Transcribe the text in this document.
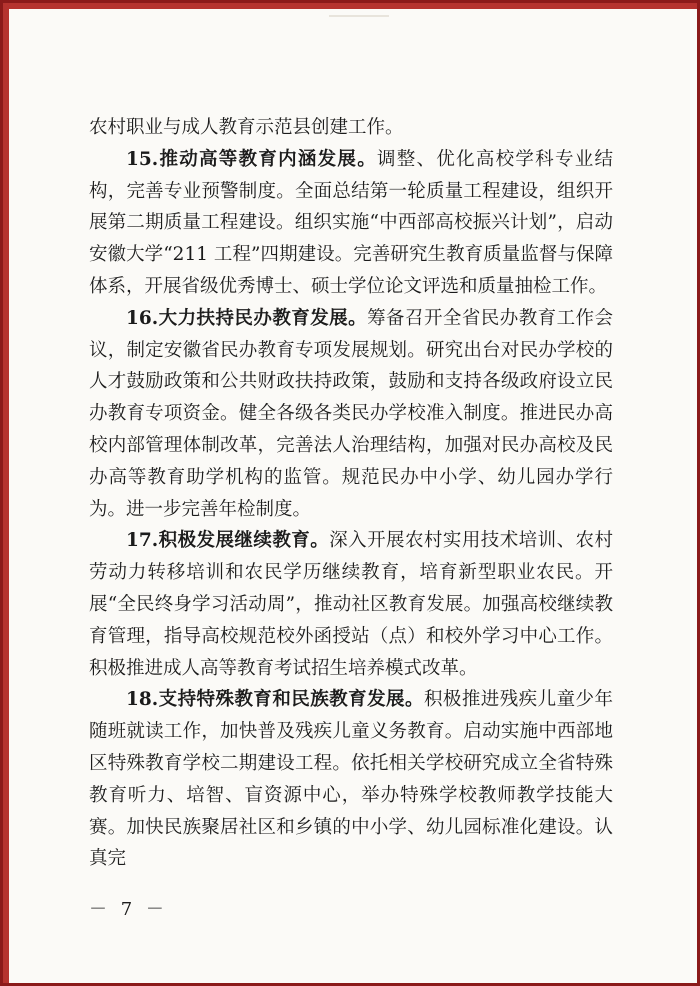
农村职业与成人教育示范县创建工作。

15.推动高等教育内涵发展。调整、优化高校学科专业结构，完善专业预警制度。全面总结第一轮质量工程建设，组织开展第二期质量工程建设。组织实施“中西部高校振兴计划”，启动安徽大学“211 工程”四期建设。完善研究生教育质量监督与保障体系，开展省级优秀博士、硕士学位论文评选和质量抽检工作。

16.大力扶持民办教育发展。筹备召开全省民办教育工作会议，制定安徽省民办教育专项发展规划。研究出台对民办学校的人才鼓励政策和公共财政扶持政策，鼓励和支持各级政府设立民办教育专项资金。健全各级各类民办学校准入制度。推进民办高校内部管理体制改革，完善法人治理结构，加强对民办高校及民办高等教育助学机构的监管。规范民办中小学、幼儿园办学行为。进一步完善年检制度。

17.积极发展继续教育。深入开展农村实用技术培训、农村劳动力转移培训和农民学历继续教育，培育新型职业农民。开展“全民终身学习活动周”，推动社区教育发展。加强高校继续教育管理，指导高校规范校外函授站（点）和校外学习中心工作。积极推进成人高等教育考试招生培养模式改革。

18.支持特殊教育和民族教育发展。积极推进残疾儿童少年随班就读工作，加快普及残疾儿童义务教育。启动实施中西部地区特殊教育学校二期建设工程。依托相关学校研究成立全省特殊教育听力、培智、盲资源中心，举办特殊学校教师教学技能大赛。加快民族聚居社区和乡镇的中小学、幼儿园标准化建设。认真完

－ 7 －
